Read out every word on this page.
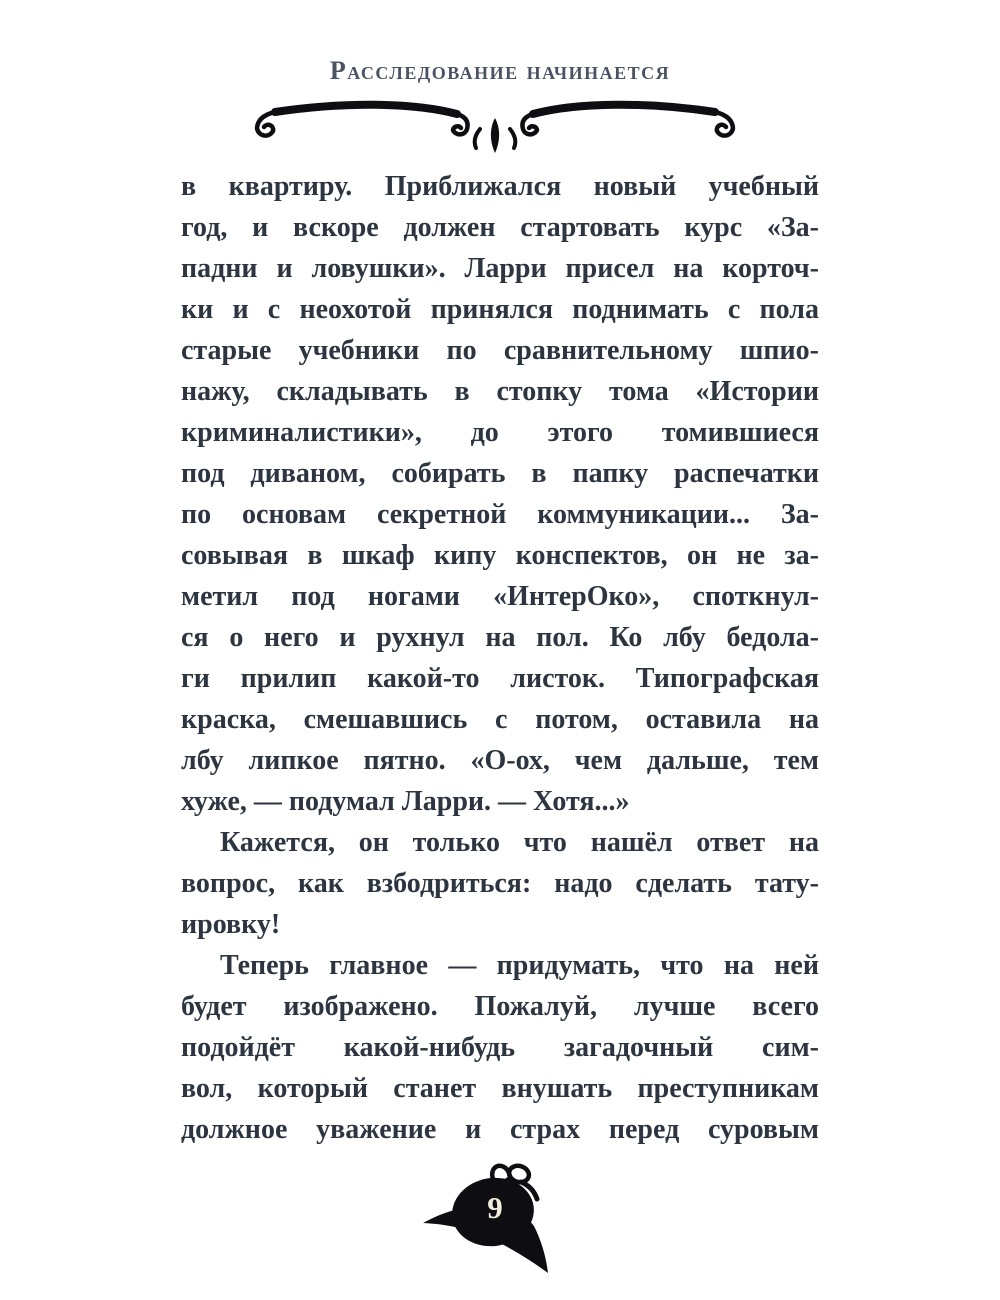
Расследование начинается
в квартиру. Приближался новый учебный
год, и вскоре должен стартовать курс «За-
падни и ловушки». Ларри присел на корточ-
ки и с неохотой принялся поднимать с пола
старые учебники по сравнительному шпио-
нажу, складывать в стопку тома «Истории
криминалистики», до этого томившиеся
под диваном, собирать в папку распечатки
по основам секретной коммуникации... За-
совывая в шкаф кипу конспектов, он не за-
метил под ногами «ИнтерОко», споткнул-
ся о него и рухнул на пол. Ко лбу бедола-
ги прилип какой-то листок. Типографская
краска, смешавшись с потом, оставила на
лбу липкое пятно. «О-ох, чем дальше, тем
хуже, — подумал Ларри. — Хотя...»
Кажется, он только что нашёл ответ на
вопрос, как взбодриться: надо сделать тату-
ировку!
Теперь главное — придумать, что на ней
будет изображено. Пожалуй, лучше всего
подойдёт какой-нибудь загадочный сим-
вол, который станет внушать преступникам
должное уважение и страх перед суровым
9
